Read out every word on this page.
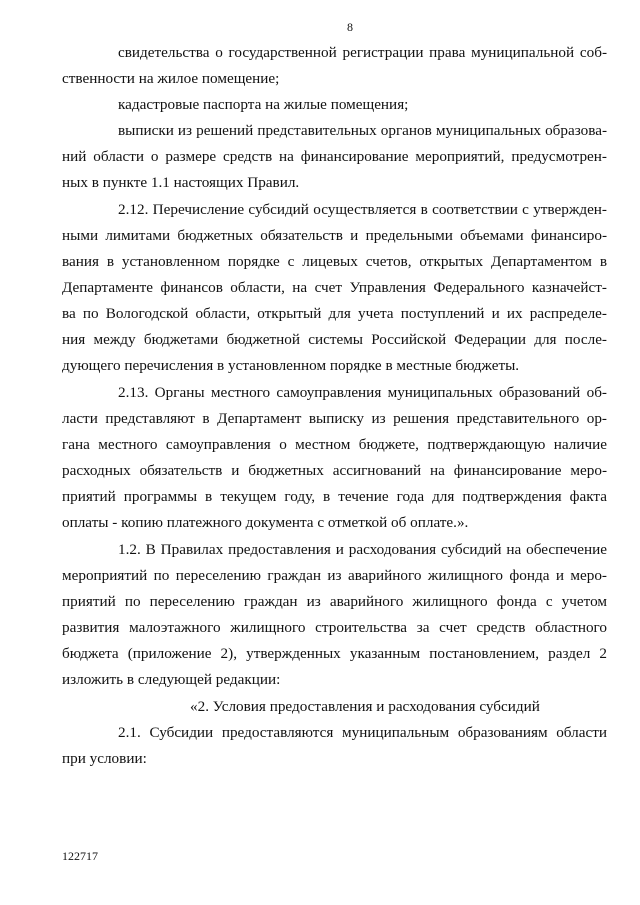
8
свидетельства о государственной регистрации права муниципальной соб-
ственности на жилое помещение;
кадастровые паспорта на жилые помещения;
выписки из решений представительных органов муниципальных образова-
ний области о размере средств на финансирование мероприятий, предусмотрен-
ных в пункте 1.1 настоящих Правил.
2.12. Перечисление субсидий осуществляется в соответствии с утвержден-
ными лимитами бюджетных обязательств и предельными объемами финансиро-
вания в установленном порядке с лицевых счетов, открытых Департаментом в
Департаменте финансов области, на счет Управления Федерального казначейст-
ва по Вологодской области, открытый для учета поступлений и их распределе-
ния между бюджетами бюджетной системы Российской Федерации для после-
дующего перечисления в установленном порядке в местные бюджеты.
2.13. Органы местного самоуправления муниципальных образований об-
ласти представляют в Департамент выписку из решения представительного ор-
гана местного самоуправления о местном бюджете, подтверждающую наличие
расходных обязательств и бюджетных ассигнований на финансирование меро-
приятий программы в текущем году, в течение года для подтверждения факта
оплаты - копию платежного документа с отметкой об оплате.».
1.2. В Правилах предоставления и расходования субсидий на обеспечение
мероприятий по переселению граждан из аварийного жилищного фонда и меро-
приятий по переселению граждан из аварийного жилищного фонда с учетом
развития малоэтажного жилищного строительства за счет средств областного
бюджета (приложение 2), утвержденных указанным постановлением, раздел 2
изложить в следующей редакции:
«2. Условия предоставления и расходования субсидий
2.1. Субсидии предоставляются муниципальным образованиям области
при условии:
122717
